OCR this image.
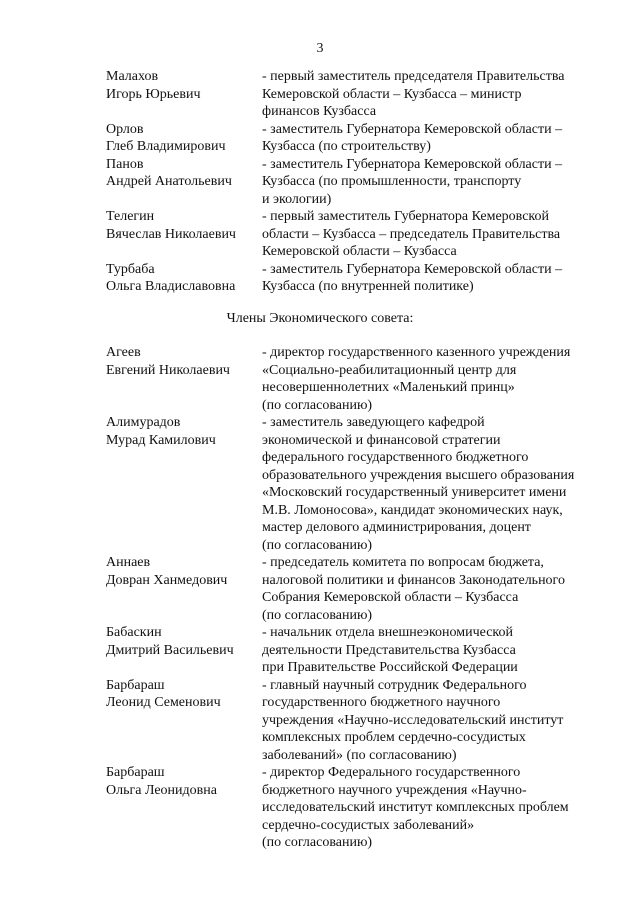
3
Малахов
Игорь Юрьевич
- первый заместитель председателя Правительства
Кемеровской области – Кузбасса – министр
финансов Кузбасса
Орлов
Глеб Владимирович
- заместитель Губернатора Кемеровской области –
Кузбасса (по строительству)
Панов
Андрей Анатольевич
- заместитель Губернатора Кемеровской области –
Кузбасса (по промышленности, транспорту
и экологии)
Телегин
Вячеслав Николаевич
- первый заместитель Губернатора Кемеровской
области – Кузбасса – председатель Правительства
Кемеровской области – Кузбасса
Турбаба
Ольга Владиславовна
- заместитель Губернатора Кемеровской области –
Кузбасса (по внутренней политике)
Члены Экономического совета:
Агеев
Евгений Николаевич
- директор государственного казенного учреждения
«Социально-реабилитационный центр для
несовершеннолетних «Маленький принц»
(по согласованию)
Алимурадов
Мурад Камилович
- заместитель заведующего кафедрой
экономической и финансовой стратегии
федерального государственного бюджетного
образовательного учреждения высшего образования
«Московский государственный университет имени
М.В. Ломоносова», кандидат экономических наук,
мастер делового администрирования, доцент
(по согласованию)
Аннаев
Довран Ханмедович
- председатель комитета по вопросам бюджета,
налоговой политики и финансов Законодательного
Собрания Кемеровской области – Кузбасса
(по согласованию)
Бабаскин
Дмитрий Васильевич
- начальник отдела внешнеэкономической
деятельности Представительства Кузбасса
при Правительстве Российской Федерации
Барбараш
Леонид Семенович
- главный научный сотрудник Федерального
государственного бюджетного научного
учреждения «Научно-исследовательский институт
комплексных проблем сердечно-сосудистых
заболеваний» (по согласованию)
Барбараш
Ольга Леонидовна
- директор Федерального государственного
бюджетного научного учреждения «Научно-
исследовательский институт комплексных проблем
сердечно-сосудистых заболеваний»
(по согласованию)
